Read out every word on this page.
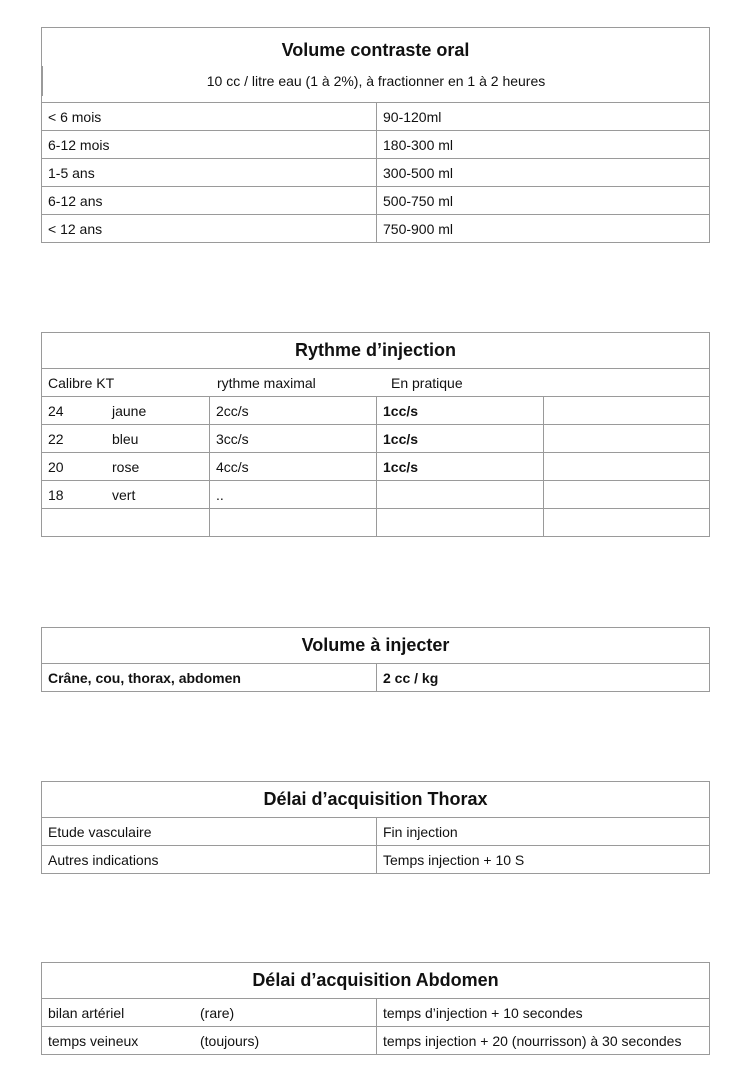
Volume contraste oral
10 cc / litre eau (1 à 2%), à fractionner en 1 à 2 heures
< 6 mois	90-120ml
6-12 mois	180-300 ml
1-5 ans	300-500 ml
6-12 ans	500-750 ml
< 12 ans	750-900 ml
Rythme d’injection
Calibre KT	rythme maximal	En pratique
24	jaune	2cc/s	1cc/s
22	bleu	3cc/s	1cc/s
20	rose	4cc/s	1cc/s
18	vert	..
Volume à injecter
Crâne, cou, thorax, abdomen	2 cc / kg
Délai d’acquisition Thorax
Etude vasculaire	Fin injection
Autres indications	Temps injection + 10 S
Délai d’acquisition Abdomen
bilan artériel	(rare)	temps d’injection + 10 secondes
temps veineux	(toujours)	temps injection + 20 (nourrisson) à 30 secondes
